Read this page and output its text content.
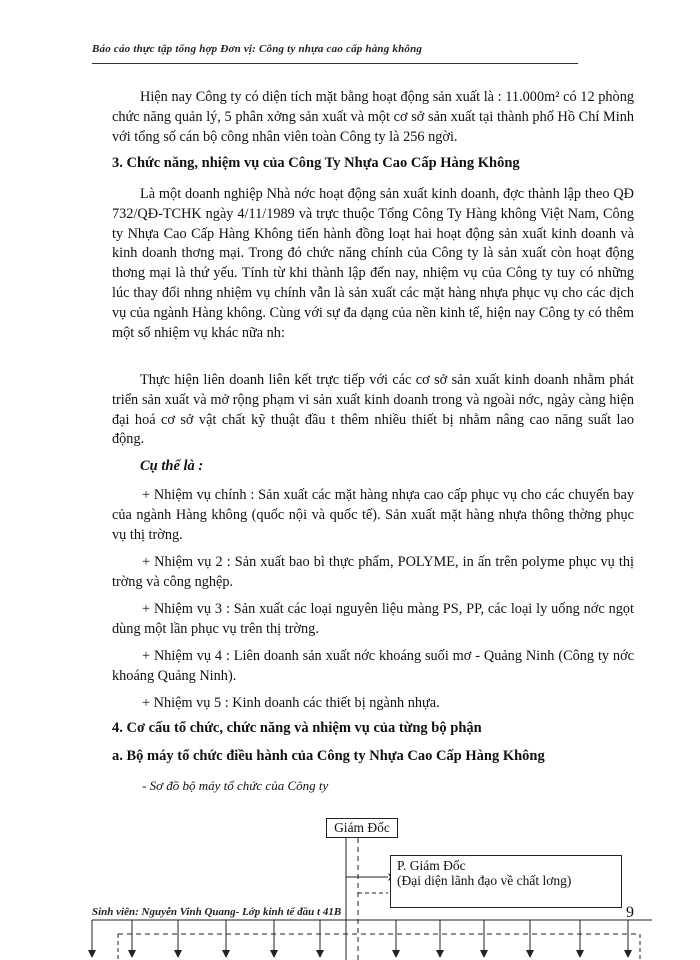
Báo cáo thực tập tổng hợp Đơn vị: Công ty nhựa cao cấp hàng không

Hiện nay Công ty có diện tích mặt bằng hoạt động sản xuất là : 11.000m² có 12 phòng chức năng quản lý, 5 phân xởng sản xuất và một cơ sở sản xuất tại thành phố Hồ Chí Minh với tổng số cán bộ công nhân viên toàn Công ty là 256 ngời.

3. Chức năng, nhiệm vụ của Công Ty Nhựa Cao Cấp Hàng Không

Là một doanh nghiệp Nhà nớc hoạt động sản xuất kinh doanh, đợc thành lập theo QĐ 732/QĐ-TCHK ngày 4/11/1989 và trực thuộc Tổng Công Ty Hàng không Việt Nam, Công ty Nhựa Cao Cấp Hàng Không tiến hành đồng loạt hai hoạt động sản xuất kinh doanh và kinh doanh thơng mại. Trong đó chức năng chính của Công ty là sản xuất còn hoạt động thơng mại là thứ yếu. Tính từ khi thành lập đến nay, nhiệm vụ của Công ty tuy có những lúc thay đổi nhng nhiệm vụ chính vẫn là sản xuất các mặt hàng nhựa phục vụ cho các dịch vụ của ngành Hàng không. Cùng với sự đa dạng của nền kinh tế, hiện nay Công ty có thêm một số nhiệm vụ khác nữa nh:

Thực hiện liên doanh liên kết trực tiếp với các cơ sở sản xuất kinh doanh nhằm phát triển sản xuất và mở rộng phạm vi sản xuất kinh doanh trong và ngoài nớc, ngày càng hiện đại hoá cơ sở vật chất kỹ thuật đầu t thêm nhiều thiết bị nhằm nâng cao năng suất lao động.

Cụ thể là :

+ Nhiệm vụ chính : Sản xuất các mặt hàng nhựa cao cấp phục vụ cho các chuyến bay của ngành Hàng không (quốc nội và quốc tế). Sản xuất mặt hàng nhựa thông thờng phục vụ thị trờng.

+ Nhiệm vụ 2 : Sản xuất bao bì thực phẩm, POLYME, in ấn trên polyme phục vụ thị trờng và công nghệp.

+ Nhiệm vụ 3 : Sản xuất các loại nguyên liệu màng PS, PP, các loại ly uống nớc ngọt dùng một lần phục vụ trên thị trờng.

+ Nhiệm vụ 4 : Liên doanh sản xuất nớc khoáng suối mơ - Quảng Ninh (Công ty nớc khoáng Quảng Ninh).

+ Nhiệm vụ 5 : Kinh doanh các thiết bị ngành nhựa.

4. Cơ cấu tổ chức, chức năng và nhiệm vụ của từng bộ phận

a. Bộ máy tổ chức điều hành của Công ty Nhựa Cao Cấp Hàng Không

- Sơ đồ bộ máy tổ chức của Công ty
Giám Đốc
P. Giám Đốc
(Đại diện lãnh đạo về chất lơng)
Sinh viên: Nguyễn Vinh Quang- Lớp kinh tế đầu t 41B	9
